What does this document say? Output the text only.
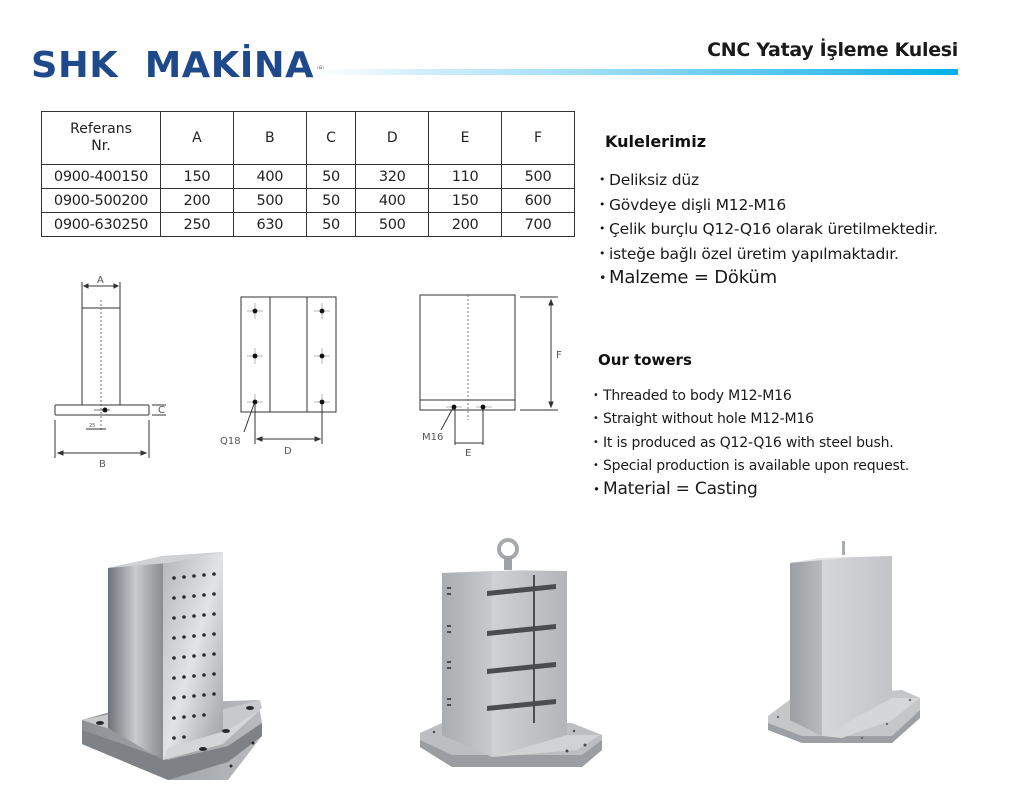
SHK  MAKİNA	CNC Yatay İşleme Kulesi
Referans
Nr.	A	B	C	D	E	F
0900-400150	150	400	50	320	110	500
0900-500200	200	500	50	400	150	600
0900-630250	250	630	50	500	200	700
Kulelerimiz
• Deliksiz düz
• Gövdeye dişli M12-M16
• Çelik burçlu Q12-Q16 olarak üretilmektedir.
• isteğe bağlı özel üretim yapılmaktadır.
• Malzeme = Döküm
Our towers
• Threaded to body M12-M16
• Straight without hole M12-M16
• It is produced as Q12-Q16 with steel bush.
• Special production is available upon request.
• Material = Casting
A
C
B
25
Q18
D
M16
E
F
